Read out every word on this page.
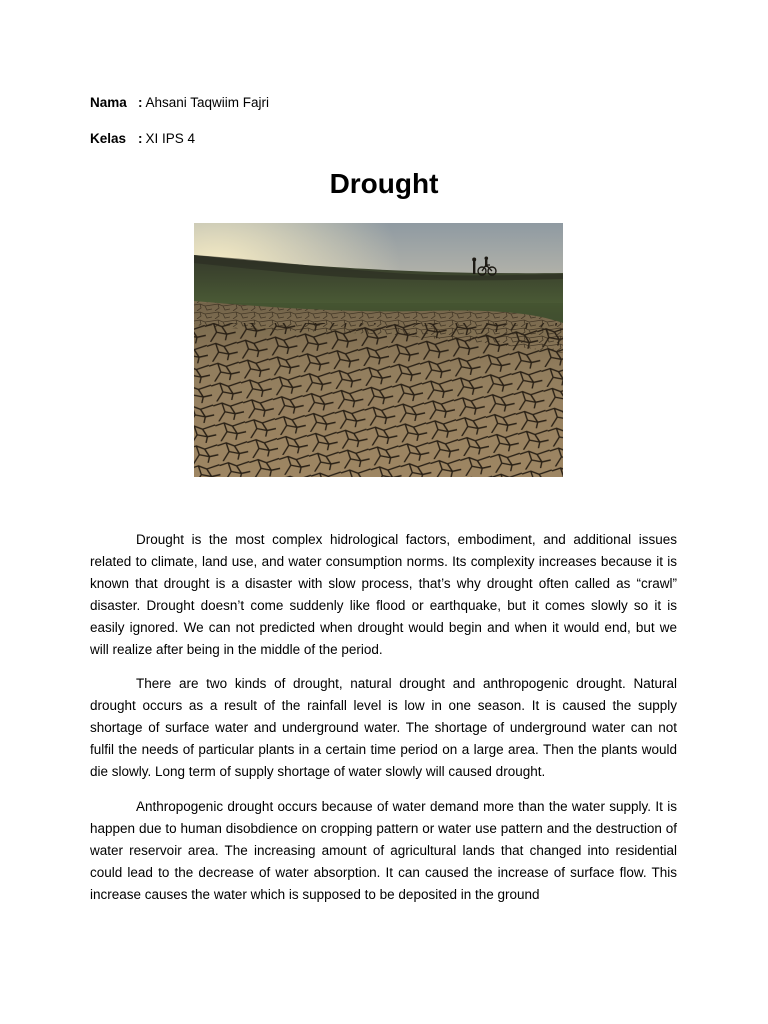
Nama : Ahsani Taqwiim Fajri
Kelas : XI IPS 4
Drought

Drought is the most complex hidrological factors, embodiment, and additional issues related to climate, land use, and water consumption norms. Its complexity increases because it is known that drought is a disaster with slow process, that’s why drought often called as “crawl” disaster. Drought doesn’t come suddenly like flood or earthquake, but it comes slowly so it is easily ignored. We can not predicted when drought would begin and when it would end, but we will realize after being in the middle of the period.

There are two kinds of drought, natural drought and anthropogenic drought. Natural drought occurs as a result of the rainfall level is low in one season. It is caused the supply shortage of surface water and underground water. The shortage of underground water can not fulfil the needs of particular plants in a certain time period on a large area. Then the plants would die slowly. Long term of supply shortage of water slowly will caused drought.

Anthropogenic drought occurs because of water demand more than the water supply. It is happen due to human disobdience on cropping pattern or water use pattern and the destruction of water reservoir area. The increasing amount of agricultural lands that changed into residential could lead to the decrease of water absorption. It can caused the increase of surface flow. This increase causes the water which is supposed to be deposited in the ground
